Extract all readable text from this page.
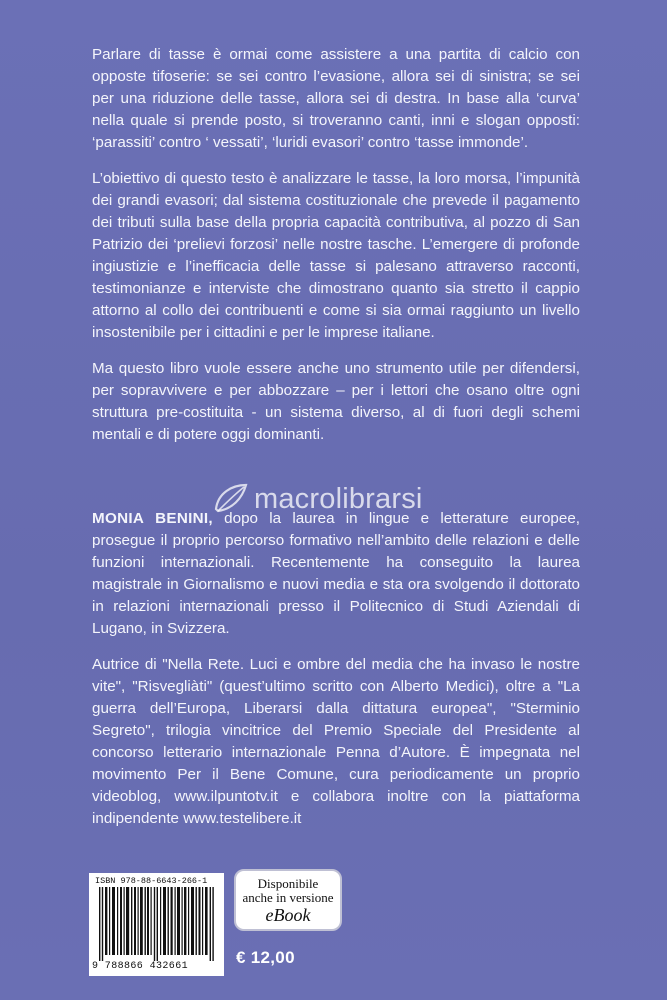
Parlare di tasse è ormai come assistere a una partita di calcio con opposte tifoserie: se sei contro l’evasione, allora sei di sinistra; se sei per una riduzione delle tasse, allora sei di destra. In base alla ‘curva’ nella quale si prende posto, si troveranno canti, inni e slogan opposti: ‘parassiti’ contro ‘ vessati’, ‘luridi evasori’ contro ‘tasse immonde’.

L’obiettivo di questo testo è analizzare le tasse, la loro morsa, l’impunità dei grandi evasori; dal sistema costituzionale che prevede il pagamento dei tributi sulla base della propria capacità contributiva, al pozzo di San Patrizio dei ‘prelievi forzosi’ nelle nostre tasche. L’emergere di profonde ingiustizie e l’inefficacia delle tasse si palesano attraverso racconti, testimonianze e interviste che dimostrano quanto sia stretto il cappio attorno al collo dei contribuenti e come si sia ormai raggiunto un livello insostenibile per i cittadini e per le imprese italiane.

Ma questo libro vuole essere anche uno strumento utile per difendersi, per sopravvivere e per abbozzare – per i lettori che osano oltre ogni struttura pre-costituita - un sistema diverso, al di fuori degli schemi mentali e di potere oggi dominanti.

macrolibrarsi

MONIA BENINI, dopo la laurea in lingue e letterature europee, prosegue il proprio percorso formativo nell’ambito delle relazioni e delle funzioni internazionali. Recentemente ha conseguito la laurea magistrale in Giornalismo e nuovi media e sta ora svolgendo il dottorato in relazioni internazionali presso il Politecnico di Studi Aziendali di Lugano, in Svizzera.

Autrice di "Nella Rete. Luci e ombre del media che ha invaso le nostre vite", "Risvegliàti" (quest’ultimo scritto con Alberto Medici), oltre a "La guerra dell’Europa, Liberarsi dalla dittatura europea", "Sterminio Segreto", trilogia vincitrice del Premio Speciale del Presidente al concorso letterario internazionale Penna d’Autore. È impegnata nel movimento Per il Bene Comune, cura periodicamente un proprio videoblog, www.ilpuntotv.it e collabora inoltre con la piattaforma indipendente www.testelibere.it

ISBN 978-88-6643-266-1
9 788866 432661
Disponibile
anche in versione
eBook
€ 12,00
